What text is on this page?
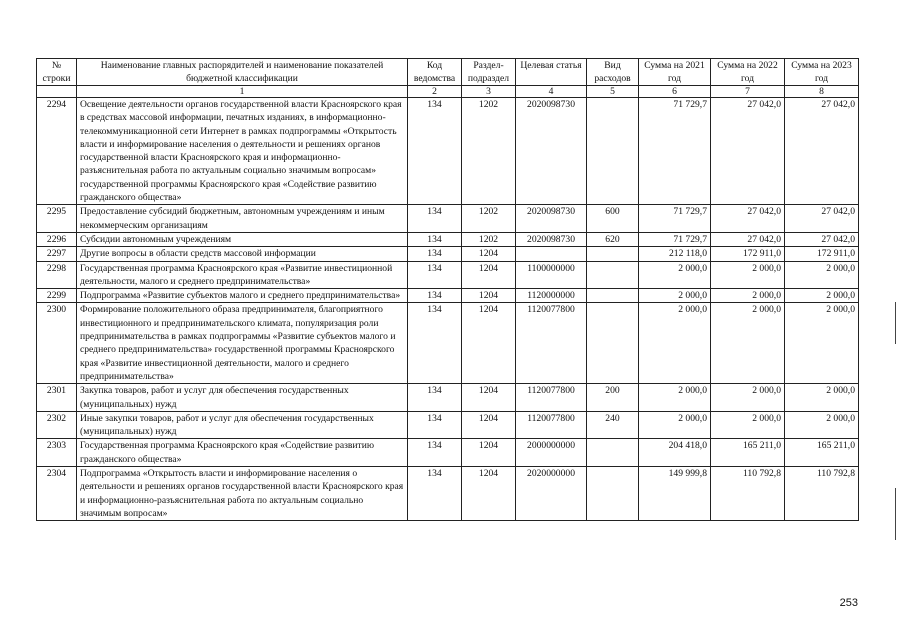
№ строки	Наименование главных распорядителей и наименование показателей бюджетной классификации	Код ведомства	Раздел-подраздел	Целевая статья	Вид расходов	Сумма на 2021 год	Сумма на 2022 год	Сумма на 2023 год
	1	2	3	4	5	6	7	8
2294	Освещение деятельности органов государственной власти Красноярского края в средствах массовой информации, печатных изданиях, в информационно-телекоммуникационной сети Интернет в рамках подпрограммы «Открытость власти и информирование населения о деятельности и решениях органов государственной власти Красноярского края и информационно-разъяснительная работа по актуальным социально значимым вопросам» государственной программы Красноярского края «Содействие развитию гражданского общества»	134	1202	2020098730		71 729,7	27 042,0	27 042,0
2295	Предоставление субсидий бюджетным, автономным учреждениям и иным некоммерческим организациям	134	1202	2020098730	600	71 729,7	27 042,0	27 042,0
2296	Субсидии автономным учреждениям	134	1202	2020098730	620	71 729,7	27 042,0	27 042,0
2297	Другие вопросы в области средств массовой информации	134	1204			212 118,0	172 911,0	172 911,0
2298	Государственная программа Красноярского края «Развитие инвестиционной деятельности, малого и среднего предпринимательства»	134	1204	1100000000		2 000,0	2 000,0	2 000,0
2299	Подпрограмма «Развитие субъектов малого и среднего предпринимательства»	134	1204	1120000000		2 000,0	2 000,0	2 000,0
2300	Формирование положительного образа предпринимателя, благоприятного инвестиционного и предпринимательского климата, популяризация роли предпринимательства в рамках подпрограммы «Развитие субъектов малого и среднего предпринимательства» государственной программы Красноярского края «Развитие инвестиционной деятельности, малого и среднего предпринимательства»	134	1204	1120077800		2 000,0	2 000,0	2 000,0
2301	Закупка товаров, работ и услуг для обеспечения государственных (муниципальных) нужд	134	1204	1120077800	200	2 000,0	2 000,0	2 000,0
2302	Иные закупки товаров, работ и услуг для обеспечения государственных (муниципальных) нужд	134	1204	1120077800	240	2 000,0	2 000,0	2 000,0
2303	Государственная программа Красноярского края «Содействие развитию гражданского общества»	134	1204	2000000000		204 418,0	165 211,0	165 211,0
2304	Подпрограмма «Открытость власти и информирование населения о деятельности и решениях органов государственной власти Красноярского края и информационно-разъяснительная работа по актуальным социально значимым вопросам»	134	1204	2020000000		149 999,8	110 792,8	110 792,8
253
